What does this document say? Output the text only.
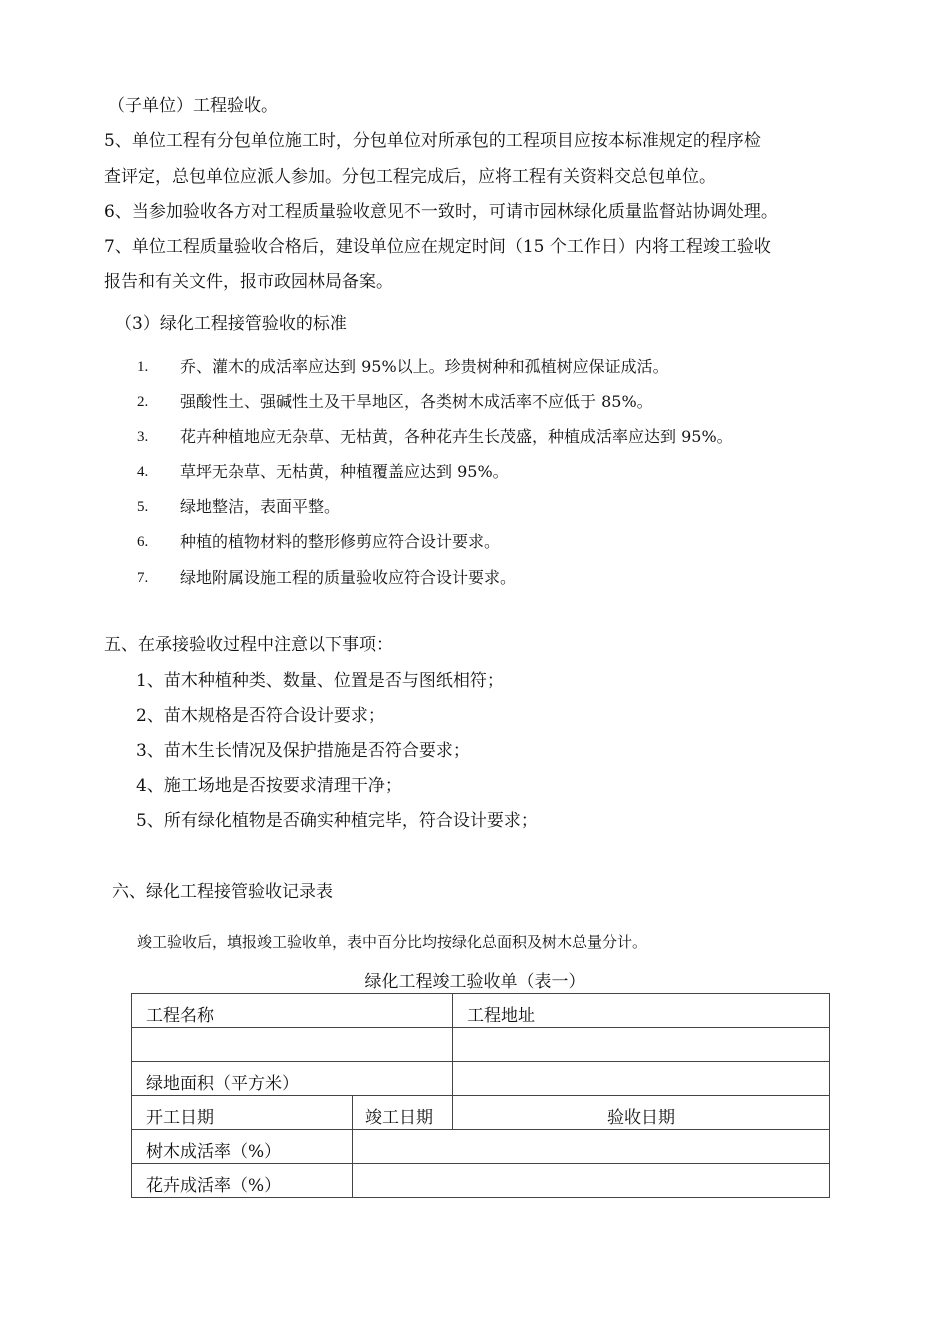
（子单位）工程验收。
5、单位工程有分包单位施工时，分包单位对所承包的工程项目应按本标准规定的程序检
查评定，总包单位应派人参加。分包工程完成后，应将工程有关资料交总包单位。
6、当参加验收各方对工程质量验收意见不一致时，可请市园林绿化质量监督站协调处理。
7、单位工程质量验收合格后，建设单位应在规定时间（15 个工作日）内将工程竣工验收
报告和有关文件，报市政园林局备案。
（3）绿化工程接管验收的标准
1. 乔、灌木的成活率应达到 95%以上。珍贵树种和孤植树应保证成活。
2. 强酸性土、强碱性土及干旱地区，各类树木成活率不应低于 85%。
3. 花卉种植地应无杂草、无枯黄，各种花卉生长茂盛，种植成活率应达到 95%。
4. 草坪无杂草、无枯黄，种植覆盖应达到 95%。
5. 绿地整洁，表面平整。
6. 种植的植物材料的整形修剪应符合设计要求。
7. 绿地附属设施工程的质量验收应符合设计要求。
五、在承接验收过程中注意以下事项：
1、苗木种植种类、数量、位置是否与图纸相符；
2、苗木规格是否符合设计要求；
3、苗木生长情况及保护措施是否符合要求；
4、施工场地是否按要求清理干净；
5、所有绿化植物是否确实种植完毕，符合设计要求；
六、绿化工程接管验收记录表
竣工验收后，填报竣工验收单，表中百分比均按绿化总面积及树木总量分计。
绿化工程竣工验收单（表一）
工程名称		工程地址

绿地面积（平方米）		
开工日期	竣工日期	验收日期
树木成活率（%）		
花卉成活率（%）		
